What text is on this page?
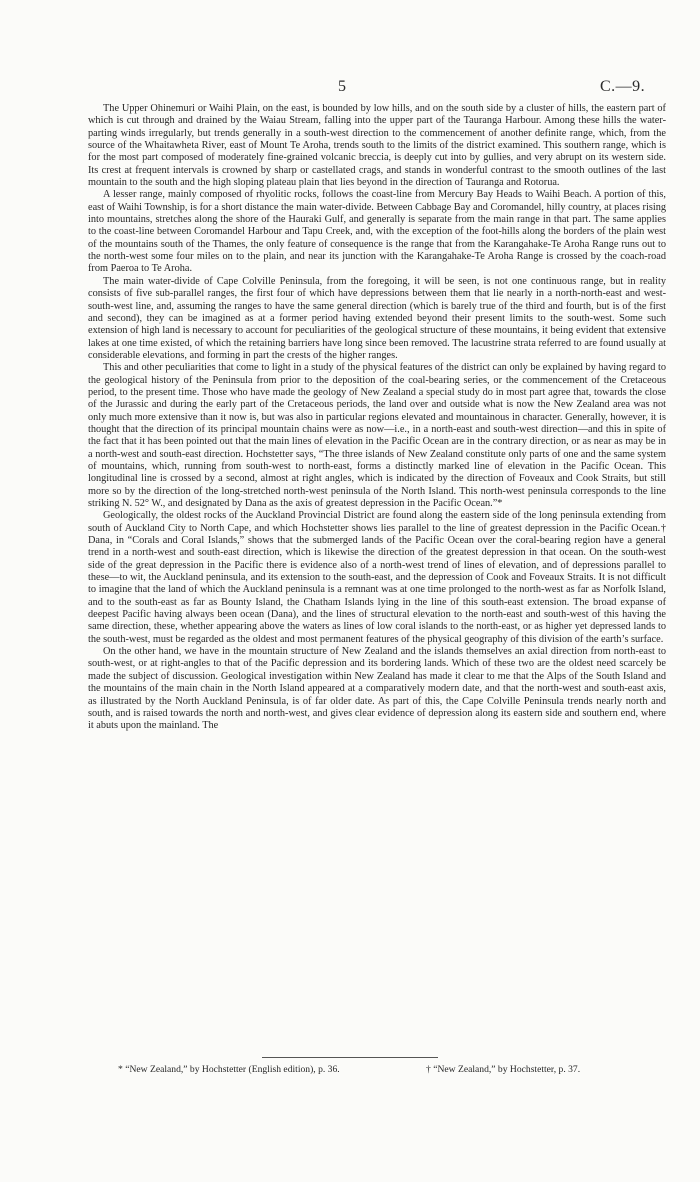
5	C.—9.

The Upper Ohinemuri or Waihi Plain, on the east, is bounded by low hills, and on the south side by a cluster of hills, the eastern part of which is cut through and drained by the Waiau Stream, falling into the upper part of the Tauranga Harbour. Among these hills the water-parting winds irregularly, but trends generally in a south-west direction to the commencement of another definite range, which, from the source of the Whaitawheta River, east of Mount Te Aroha, trends south to the limits of the district examined. This southern range, which is for the most part composed of moderately fine-grained volcanic breccia, is deeply cut into by gullies, and very abrupt on its western side. Its crest at frequent intervals is crowned by sharp or castellated crags, and stands in wonderful contrast to the smooth outlines of the last mountain to the south and the high sloping plateau plain that lies beyond in the direction of Tauranga and Rotorua.

A lesser range, mainly composed of rhyolitic rocks, follows the coast-line from Mercury Bay Heads to Waihi Beach. A portion of this, east of Waihi Township, is for a short distance the main water-divide. Between Cabbage Bay and Coromandel, hilly country, at places rising into mountains, stretches along the shore of the Hauraki Gulf, and generally is separate from the main range in that part. The same applies to the coast-line between Coromandel Harbour and Tapu Creek, and, with the exception of the foot-hills along the borders of the plain west of the mountains south of the Thames, the only feature of consequence is the range that from the Karangahake-Te Aroha Range runs out to the north-west some four miles on to the plain, and near its junction with the Karangahake-Te Aroha Range is crossed by the coach-road from Paeroa to Te Aroha.

The main water-divide of Cape Colville Peninsula, from the foregoing, it will be seen, is not one continuous range, but in reality consists of five sub-parallel ranges, the first four of which have depressions between them that lie nearly in a north-north-east and west-south-west line, and, assuming the ranges to have the same general direction (which is barely true of the third and fourth, but is of the first and second), they can be imagined as at a former period having extended beyond their present limits to the south-west. Some such extension of high land is necessary to account for peculiarities of the geological structure of these mountains, it being evident that extensive lakes at one time existed, of which the retaining barriers have long since been removed. The lacustrine strata referred to are found usually at considerable elevations, and forming in part the crests of the higher ranges.

This and other peculiarities that come to light in a study of the physical features of the district can only be explained by having regard to the geological history of the Peninsula from prior to the deposition of the coal-bearing series, or the commencement of the Cretaceous period, to the present time. Those who have made the geology of New Zealand a special study do in most part agree that, towards the close of the Jurassic and during the early part of the Cretaceous periods, the land over and outside what is now the New Zealand area was not only much more extensive than it now is, but was also in particular regions elevated and mountainous in character. Generally, however, it is thought that the direction of its principal mountain chains were as now—i.e., in a north-east and south-west direction—and this in spite of the fact that it has been pointed out that the main lines of elevation in the Pacific Ocean are in the contrary direction, or as near as may be in a north-west and south-east direction. Hochstetter says, “The three islands of New Zealand constitute only parts of one and the same system of mountains, which, running from south-west to north-east, forms a distinctly marked line of elevation in the Pacific Ocean. This longitudinal line is crossed by a second, almost at right angles, which is indicated by the direction of Foveaux and Cook Straits, but still more so by the direction of the long-stretched north-west peninsula of the North Island. This north-west peninsula corresponds to the line striking N. 52° W., and designated by Dana as the axis of greatest depression in the Pacific Ocean.”*

Geologically, the oldest rocks of the Auckland Provincial District are found along the eastern side of the long peninsula extending from south of Auckland City to North Cape, and which Hochstetter shows lies parallel to the line of greatest depression in the Pacific Ocean.† Dana, in “Corals and Coral Islands,” shows that the submerged lands of the Pacific Ocean over the coral-bearing region have a general trend in a north-west and south-east direction, which is likewise the direction of the greatest depression in that ocean. On the south-west side of the great depression in the Pacific there is evidence also of a north-west trend of lines of elevation, and of depressions parallel to these—to wit, the Auckland peninsula, and its extension to the south-east, and the depression of Cook and Foveaux Straits. It is not difficult to imagine that the land of which the Auckland peninsula is a remnant was at one time prolonged to the north-west as far as Norfolk Island, and to the south-east as far as Bounty Island, the Chatham Islands lying in the line of this south-east extension. The broad expanse of deepest Pacific having always been ocean (Dana), and the lines of structural elevation to the north-east and south-west of this having the same direction, these, whether appearing above the waters as lines of low coral islands to the north-east, or as higher yet depressed lands to the south-west, must be regarded as the oldest and most permanent features of the physical geography of this division of the earth’s surface.

On the other hand, we have in the mountain structure of New Zealand and the islands themselves an axial direction from north-east to south-west, or at right-angles to that of the Pacific depression and its bordering lands. Which of these two are the oldest need scarcely be made the subject of discussion. Geological investigation within New Zealand has made it clear to me that the Alps of the South Island and the mountains of the main chain in the North Island appeared at a comparatively modern date, and that the north-west and south-east axis, as illustrated by the North Auckland Peninsula, is of far older date. As part of this, the Cape Colville Peninsula trends nearly north and south, and is raised towards the north and north-west, and gives clear evidence of depression along its eastern side and southern end, where it abuts upon the mainland. The

* “New Zealand,” by Hochstetter (English edition), p. 36.	† “New Zealand,” by Hochstetter, p. 37.
